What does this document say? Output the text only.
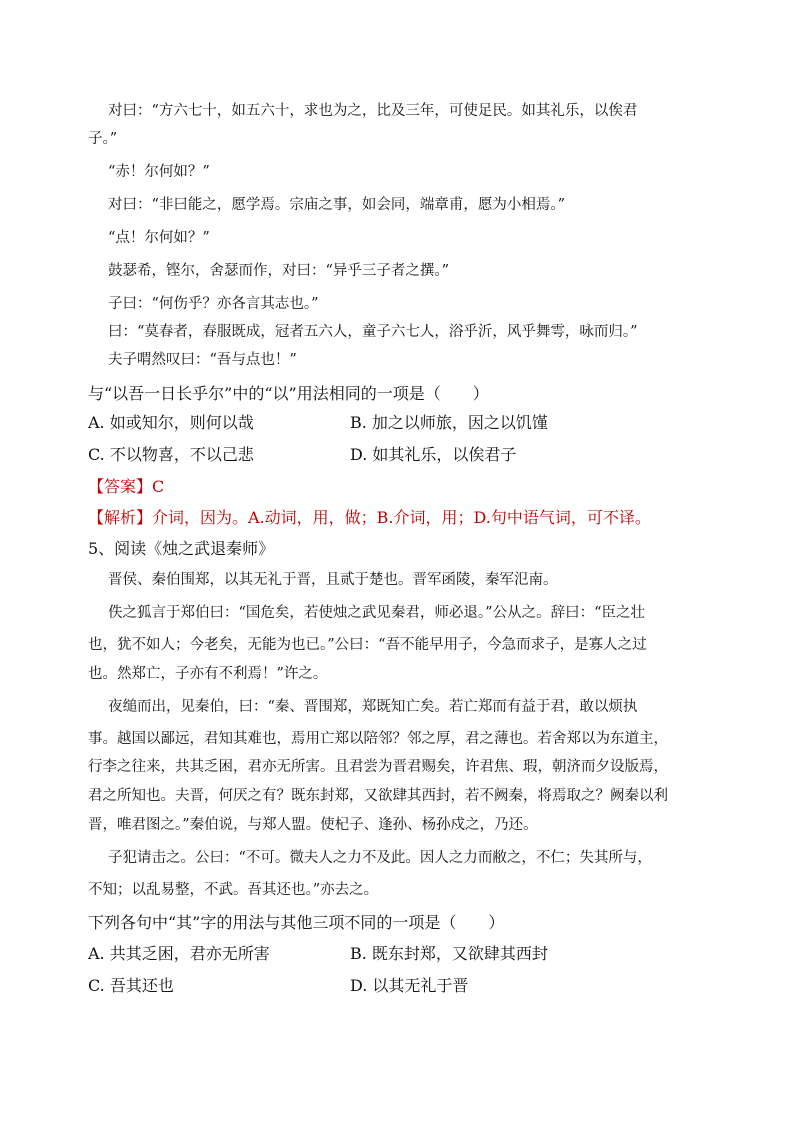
对曰：“方六七十，如五六十，求也为之，比及三年，可使足民。如其礼乐，以俟君
子。”
“赤！尔何如？”
对曰：“非曰能之，愿学焉。宗庙之事，如会同，端章甫，愿为小相焉。”
“点！尔何如？”
鼓瑟希，铿尔，舍瑟而作，对曰：“异乎三子者之撰。”
子曰：“何伤乎？亦各言其志也。”
曰：“莫春者，春服既成，冠者五六人，童子六七人，浴乎沂，风乎舞雩，咏而归。”
夫子喟然叹曰：“吾与点也！”
与“以吾一日长乎尔”中的“以”用法相同的一项是（　　）
A. 如或知尔，则何以哉	B. 加之以师旅，因之以饥馑
C. 不以物喜，不以己悲	D. 如其礼乐，以俟君子
【答案】C
【解析】介词，因为。A.动词，用，做；B.介词，用；D.句中语气词，可不译。
5、阅读《烛之武退秦师》
晋侯、秦伯围郑，以其无礼于晋，且贰于楚也。晋军函陵，秦军氾南。
佚之狐言于郑伯曰：“国危矣，若使烛之武见秦君，师必退。”公从之。辞曰：“臣之壮
也，犹不如人；今老矣，无能为也已。”公曰：“吾不能早用子，今急而求子，是寡人之过
也。然郑亡，子亦有不利焉！”许之。
夜缒而出，见秦伯，曰：“秦、晋围郑，郑既知亡矣。若亡郑而有益于君，敢以烦执
事。越国以鄙远，君知其难也，焉用亡郑以陪邻？邻之厚，君之薄也。若舍郑以为东道主，
行李之往来，共其乏困，君亦无所害。且君尝为晋君赐矣，许君焦、瑕，朝济而夕设版焉，
君之所知也。夫晋，何厌之有？既东封郑，又欲肆其西封，若不阙秦，将焉取之？阙秦以利
晋，唯君图之。”秦伯说，与郑人盟。使杞子、逢孙、杨孙戍之，乃还。
子犯请击之。公曰：“不可。微夫人之力不及此。因人之力而敝之，不仁；失其所与，
不知；以乱易整，不武。吾其还也。”亦去之。
下列各句中“其”字的用法与其他三项不同的一项是（　　）
A. 共其乏困，君亦无所害	B. 既东封郑，又欲肆其西封
C. 吾其还也	D. 以其无礼于晋
